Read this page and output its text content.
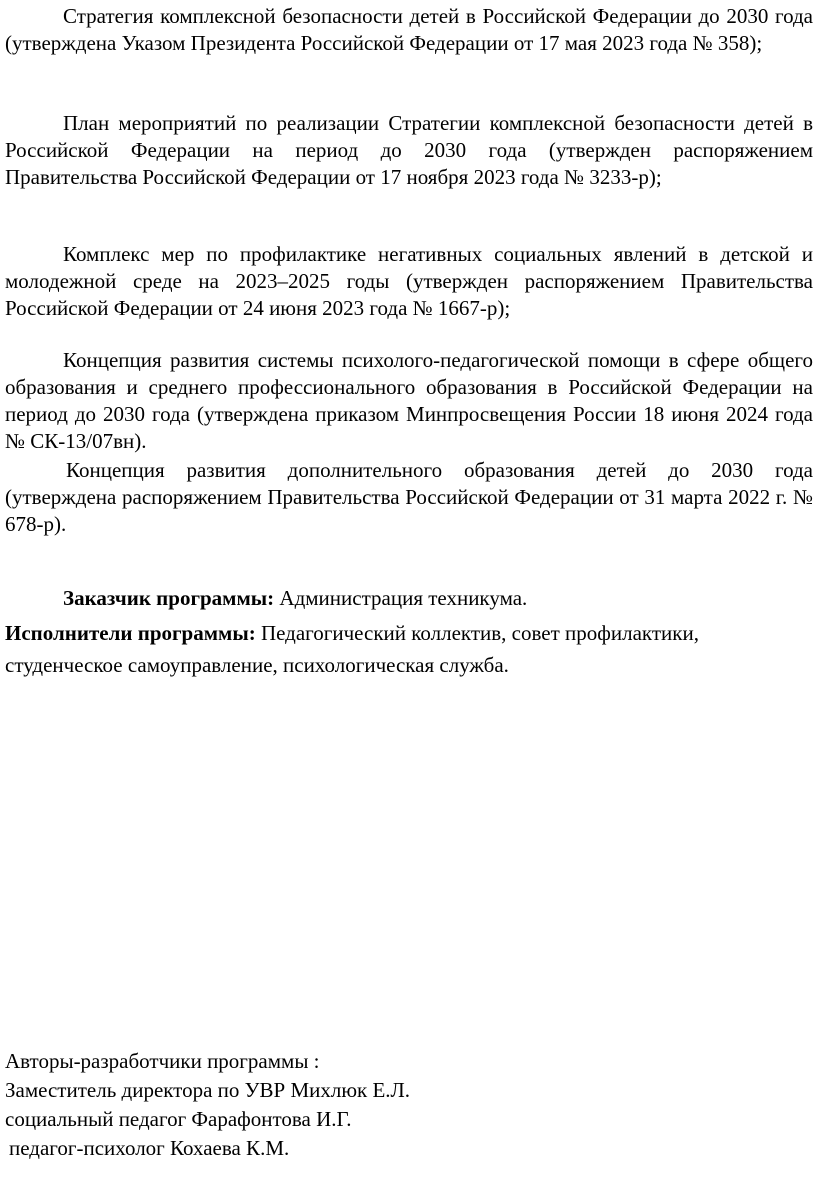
Стратегия комплексной безопасности детей в Российской Федерации до 2030 года (утверждена Указом Президента Российской Федерации от 17 мая 2023 года № 358);

План мероприятий по реализации Стратегии комплексной безопасности детей в Российской Федерации на период до 2030 года (утвержден распоряжением Правительства Российской Федерации от 17 ноября 2023 года № 3233-р);

Комплекс мер по профилактике негативных социальных явлений в детской и молодежной среде на 2023–2025 годы (утвержден распоряжением Правительства Российской Федерации от 24 июня 2023 года № 1667-р);

Концепция развития системы психолого-педагогической помощи в сфере общего образования и среднего профессионального образования в Российской Федерации на период до 2030 года (утверждена приказом Минпросвещения России 18 июня 2024 года № СК-13/07вн).

Концепция развития дополнительного образования детей до 2030 года (утверждена распоряжением Правительства Российской Федерации от 31 марта 2022 г. № 678-р).

Заказчик программы: Администрация техникума.

Исполнители программы: Педагогический коллектив, совет профилактики, студенческое самоуправление, психологическая служба.

Авторы-разработчики программы :
Заместитель директора по УВР Михлюк Е.Л.
социальный педагог Фарафонтова И.Г.
педагог-психолог Кохаева К.М.
